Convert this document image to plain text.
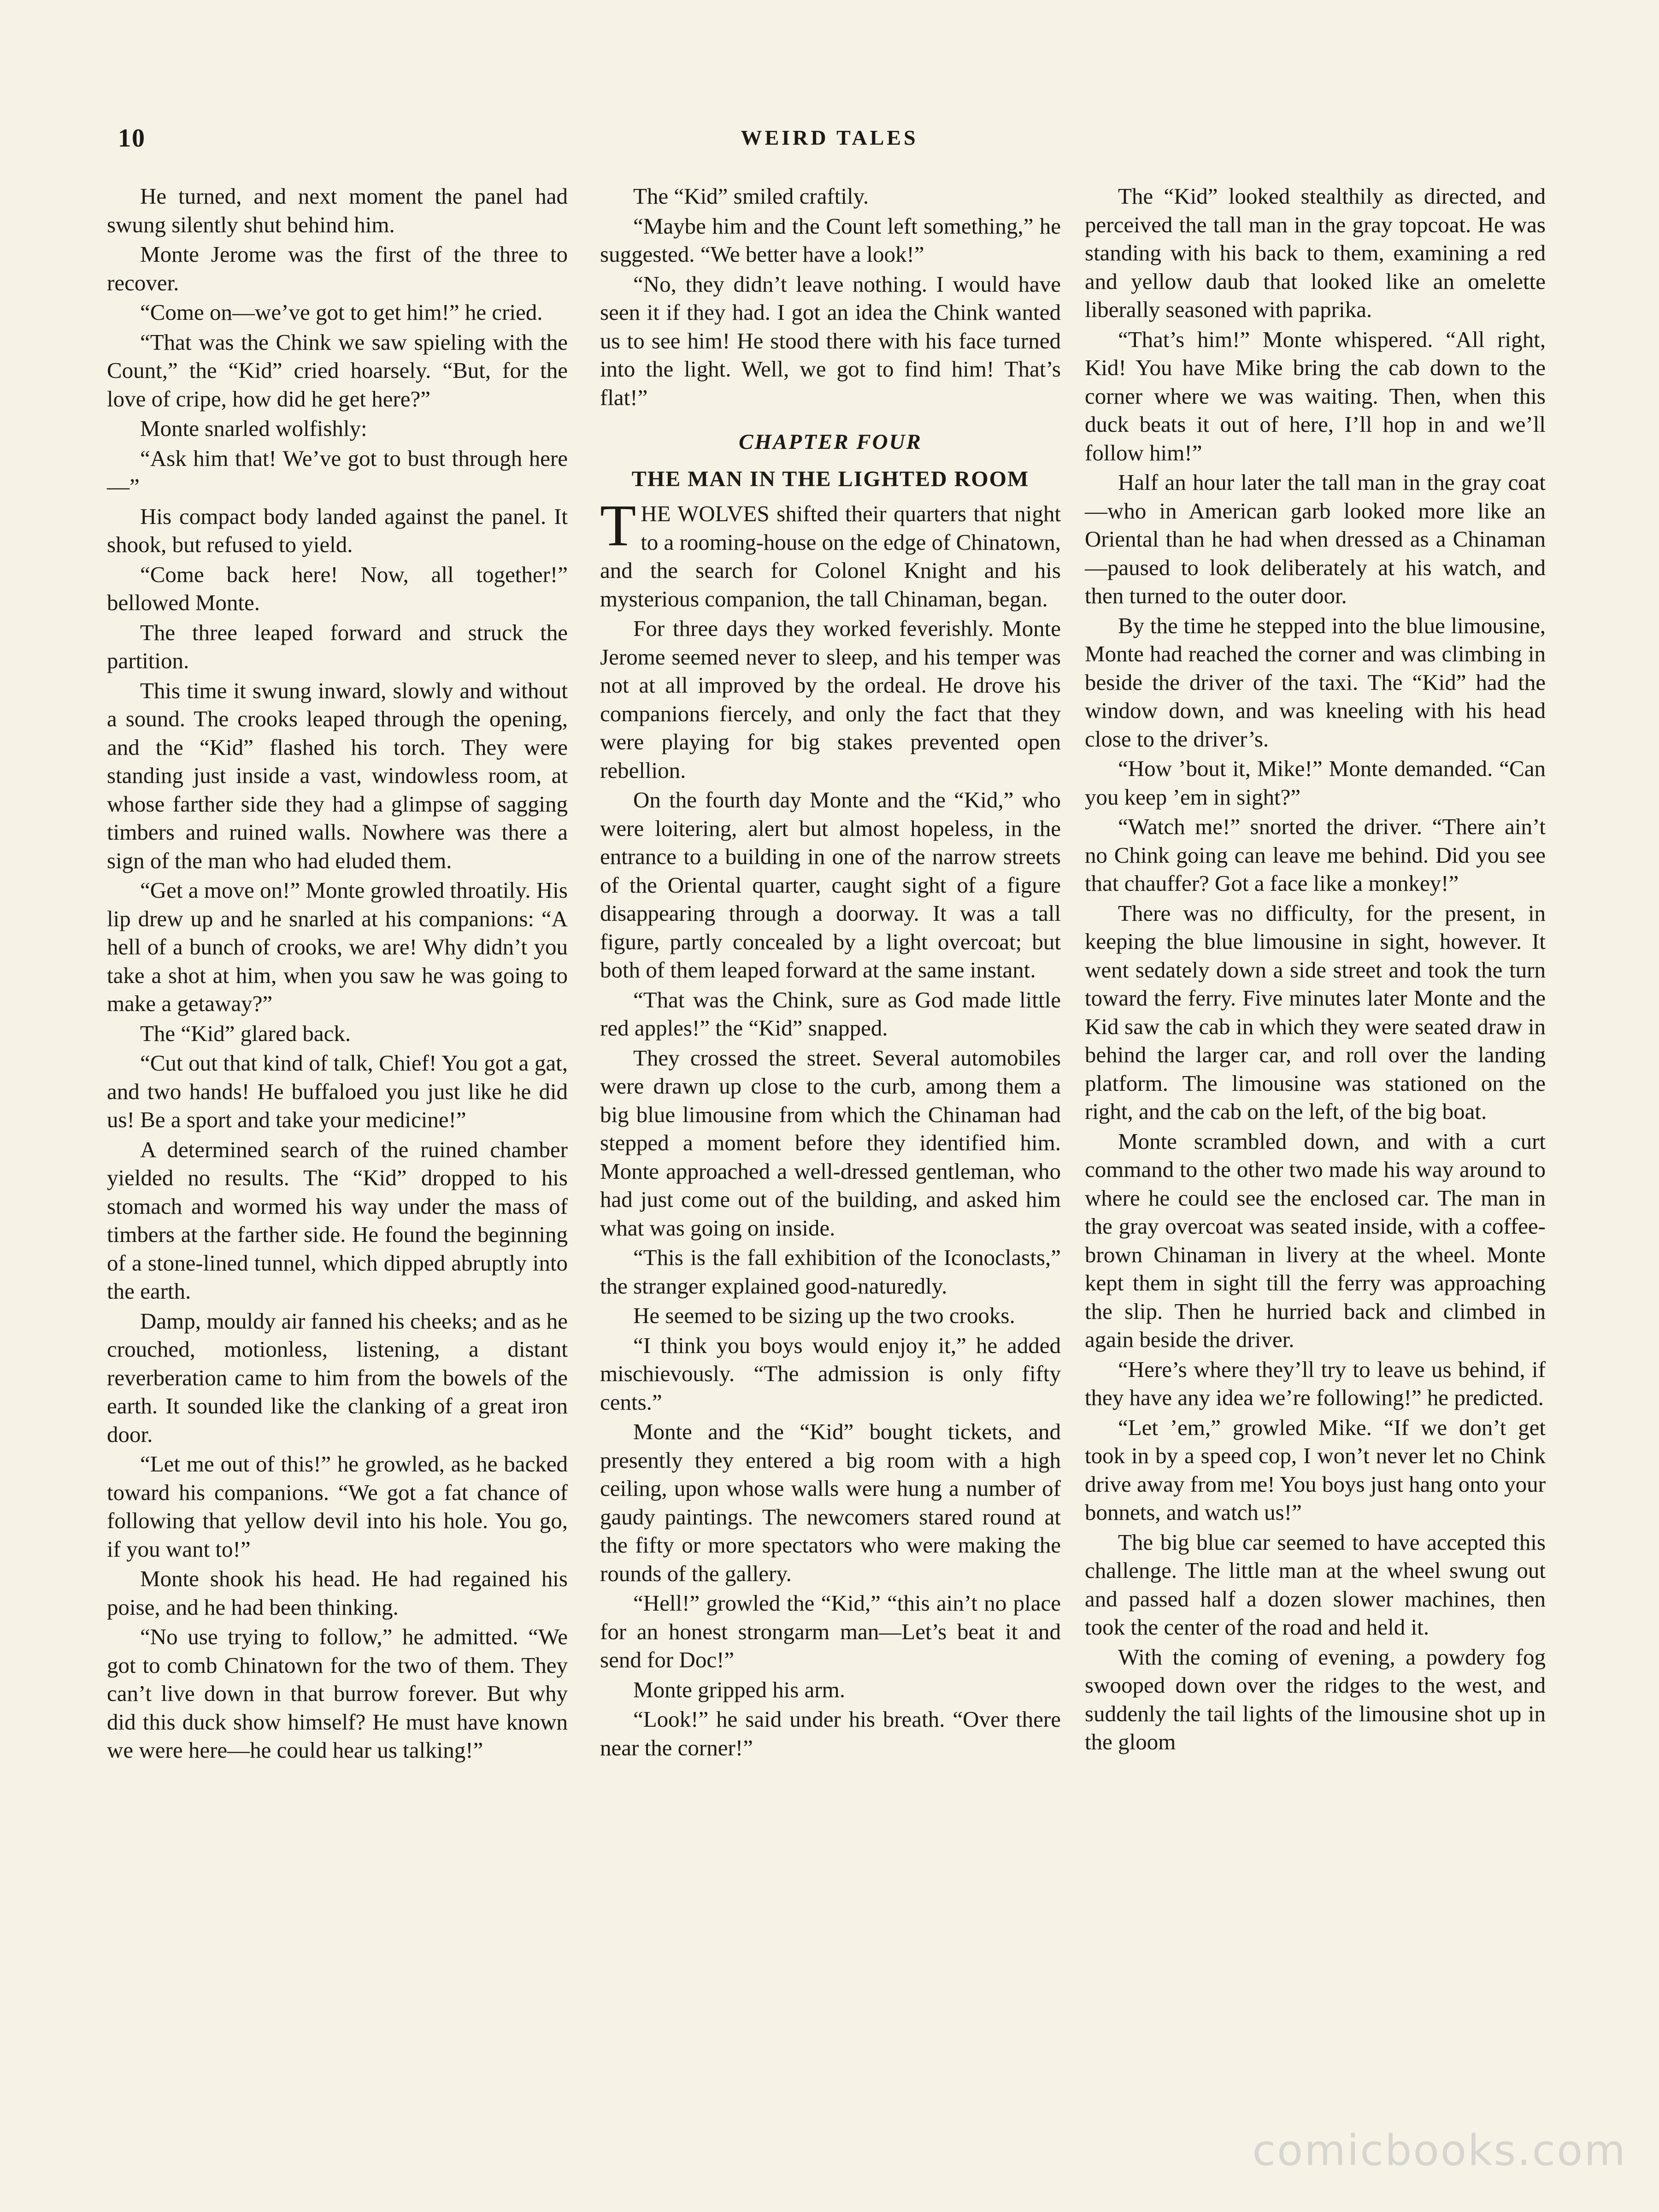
10	WEIRD TALES

He turned, and next moment the panel had swung silently shut behind him.

Monte Jerome was the first of the three to recover.

“Come on—we’ve got to get him!” he cried.

“That was the Chink we saw spieling with the Count,” the “Kid” cried hoarsely. “But, for the love of cripe, how did he get here?”

Monte snarled wolfishly:

“Ask him that! We’ve got to bust through here—”

His compact body landed against the panel. It shook, but refused to yield.

“Come back here! Now, all together!” bellowed Monte.

The three leaped forward and struck the partition.

This time it swung inward, slowly and without a sound. The crooks leaped through the opening, and the “Kid” flashed his torch. They were standing just inside a vast, windowless room, at whose farther side they had a glimpse of sagging timbers and ruined walls. Nowhere was there a sign of the man who had eluded them.

“Get a move on!” Monte growled throatily. His lip drew up and he snarled at his companions: “A hell of a bunch of crooks, we are! Why didn’t you take a shot at him, when you saw he was going to make a getaway?”

The “Kid” glared back.

“Cut out that kind of talk, Chief! You got a gat, and two hands! He buffaloed you just like he did us! Be a sport and take your medicine!”

A determined search of the ruined chamber yielded no results. The “Kid” dropped to his stomach and wormed his way under the mass of timbers at the farther side. He found the beginning of a stone-lined tunnel, which dipped abruptly into the earth.

Damp, mouldy air fanned his cheeks; and as he crouched, motionless, listening, a distant reverberation came to him from the bowels of the earth. It sounded like the clanking of a great iron door.

“Let me out of this!” he growled, as he backed toward his companions. “We got a fat chance of following that yellow devil into his hole. You go, if you want to!”

Monte shook his head. He had regained his poise, and he had been thinking.

“No use trying to follow,” he admitted. “We got to comb Chinatown for the two of them. They can’t live down in that burrow forever. But why did this duck show himself? He must have known we were here—he could hear us talking!”

The “Kid” smiled craftily.

“Maybe him and the Count left something,” he suggested. “We better have a look!”

“No, they didn’t leave nothing. I would have seen it if they had. I got an idea the Chink wanted us to see him! He stood there with his face turned into the light. Well, we got to find him! That’s flat!”

CHAPTER FOUR
THE MAN IN THE LIGHTED ROOM

THE WOLVES shifted their quarters that night to a rooming-house on the edge of Chinatown, and the search for Colonel Knight and his mysterious companion, the tall Chinaman, began.

For three days they worked feverishly. Monte Jerome seemed never to sleep, and his temper was not at all improved by the ordeal. He drove his companions fiercely, and only the fact that they were playing for big stakes prevented open rebellion.

On the fourth day Monte and the “Kid,” who were loitering, alert but almost hopeless, in the entrance to a building in one of the narrow streets of the Oriental quarter, caught sight of a figure disappearing through a doorway. It was a tall figure, partly concealed by a light overcoat; but both of them leaped forward at the same instant.

“That was the Chink, sure as God made little red apples!” the “Kid” snapped.

They crossed the street. Several automobiles were drawn up close to the curb, among them a big blue limousine from which the Chinaman had stepped a moment before they identified him. Monte approached a well-dressed gentleman, who had just come out of the building, and asked him what was going on inside.

“This is the fall exhibition of the Iconoclasts,” the stranger explained good-naturedly.

He seemed to be sizing up the two crooks.

“I think you boys would enjoy it,” he added mischievously. “The admission is only fifty cents.”

Monte and the “Kid” bought tickets, and presently they entered a big room with a high ceiling, upon whose walls were hung a number of gaudy paintings. The newcomers stared round at the fifty or more spectators who were making the rounds of the gallery.

“Hell!” growled the “Kid,” “this ain’t no place for an honest strongarm man—Let’s beat it and send for Doc!”

Monte gripped his arm.

“Look!” he said under his breath. “Over there near the corner!”

The “Kid” looked stealthily as directed, and perceived the tall man in the gray topcoat. He was standing with his back to them, examining a red and yellow daub that looked like an omelette liberally seasoned with paprika.

“That’s him!” Monte whispered. “All right, Kid! You have Mike bring the cab down to the corner where we was waiting. Then, when this duck beats it out of here, I’ll hop in and we’ll follow him!”

Half an hour later the tall man in the gray coat—who in American garb looked more like an Oriental than he had when dressed as a Chinaman—paused to look deliberately at his watch, and then turned to the outer door.

By the time he stepped into the blue limousine, Monte had reached the corner and was climbing in beside the driver of the taxi. The “Kid” had the window down, and was kneeling with his head close to the driver’s.

“How ’bout it, Mike!” Monte demanded. “Can you keep ’em in sight?”

“Watch me!” snorted the driver. “There ain’t no Chink going can leave me behind. Did you see that chauffer? Got a face like a monkey!”

There was no difficulty, for the present, in keeping the blue limousine in sight, however. It went sedately down a side street and took the turn toward the ferry. Five minutes later Monte and the Kid saw the cab in which they were seated draw in behind the larger car, and roll over the landing platform. The limousine was stationed on the right, and the cab on the left, of the big boat.

Monte scrambled down, and with a curt command to the other two made his way around to where he could see the enclosed car. The man in the gray overcoat was seated inside, with a coffee-brown Chinaman in livery at the wheel. Monte kept them in sight till the ferry was approaching the slip. Then he hurried back and climbed in again beside the driver.

“Here’s where they’ll try to leave us behind, if they have any idea we’re following!” he predicted.

“Let ’em,” growled Mike. “If we don’t get took in by a speed cop, I won’t never let no Chink drive away from me! You boys just hang onto your bonnets, and watch us!”

The big blue car seemed to have accepted this challenge. The little man at the wheel swung out and passed half a dozen slower machines, then took the center of the road and held it.

With the coming of evening, a powdery fog swooped down over the ridges to the west, and suddenly the tail lights of the limousine shot up in the gloom

comicbooks.com
